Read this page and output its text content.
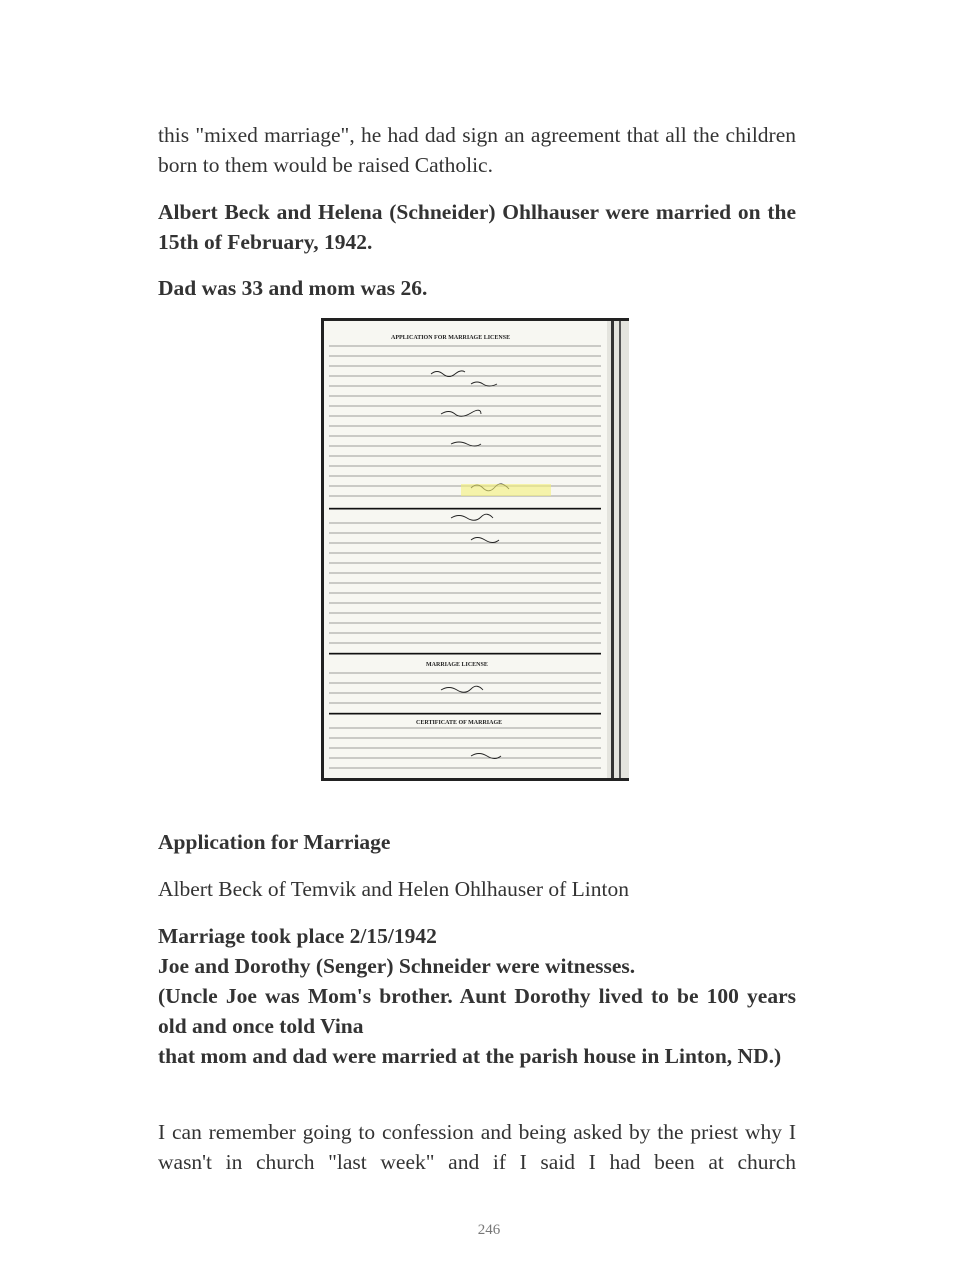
this "mixed marriage", he had dad sign an agreement that all the children born to them would be raised Catholic.

Albert Beck and Helena (Schneider) Ohlhauser were married on the 15th of February, 1942.

Dad was 33 and mom was 26.

APPLICATION FOR MARRIAGE LICENSE
MARRIAGE LICENSE
CERTIFICATE OF MARRIAGE

Application for Marriage

Albert Beck of Temvik and Helen Ohlhauser of Linton

Marriage took place 2/15/1942

Joe and Dorothy (Senger) Schneider were witnesses.

(Uncle Joe was Mom's brother. Aunt Dorothy lived to be 100 years old and once told Vina

that mom and dad were married at the parish house in Linton, ND.)

I can remember going to confession and being asked by the priest why I wasn't in church "last week" and if I said I had been at church

246
